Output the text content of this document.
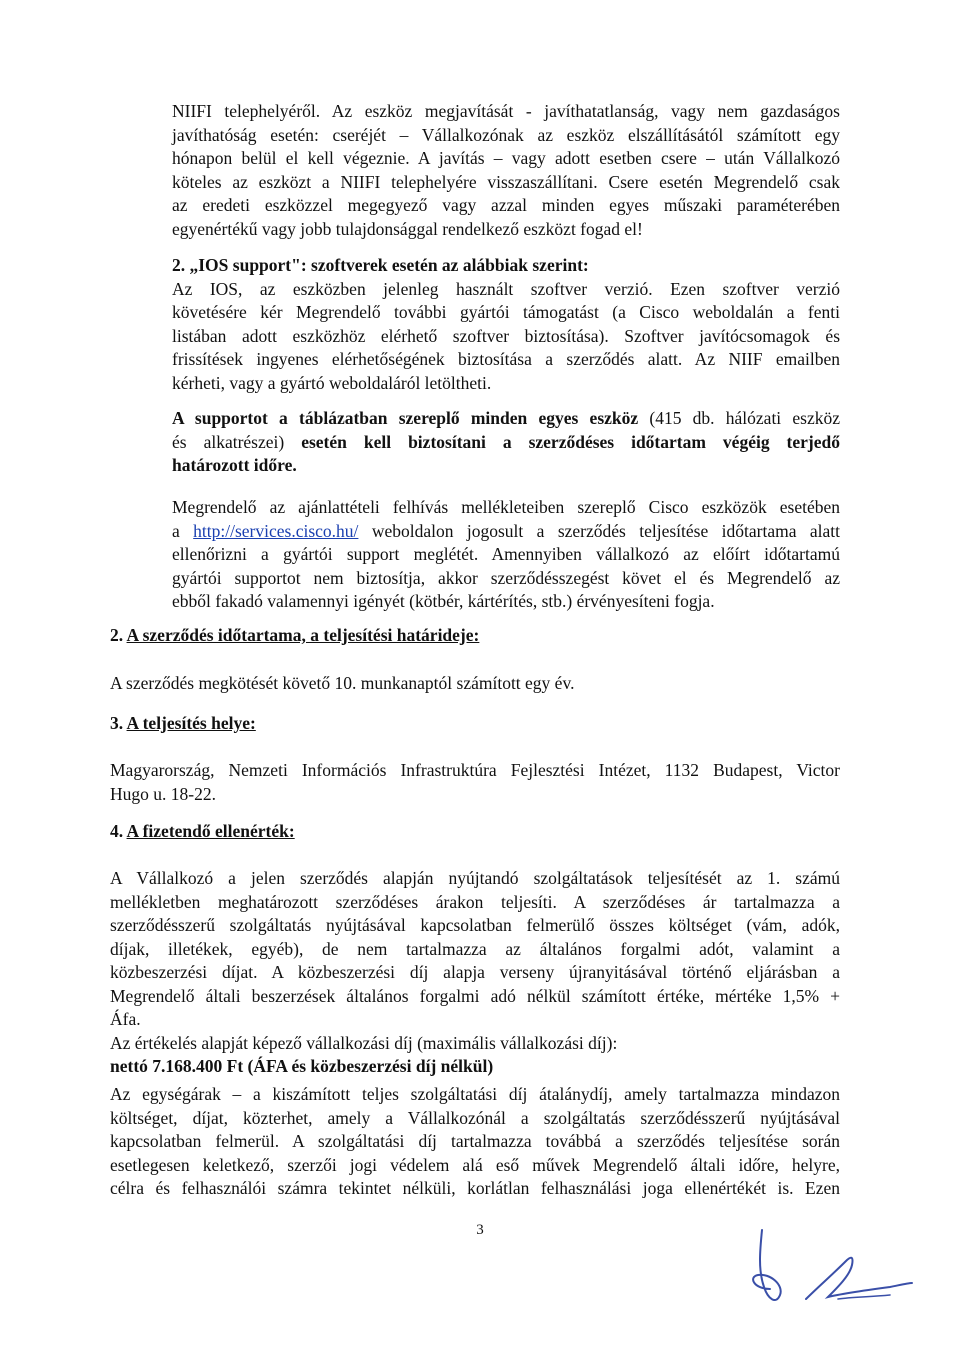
NIIFI telephelyéről. Az eszköz megjavítását - javíthatatlanság, vagy nem gazdaságos
javíthatóság esetén: cseréjét – Vállalkozónak az eszköz elszállításától számított egy
hónapon belül el kell végeznie. A javítás – vagy adott esetben csere – után Vállalkozó
köteles az eszközt a NIIFI telephelyére visszaszállítani. Csere esetén Megrendelő csak
az eredeti eszközzel megegyező vagy azzal minden egyes műszaki paraméterében
egyenértékű vagy jobb tulajdonsággal rendelkező eszközt fogad el!
2. „IOS support": szoftverek esetén az alábbiak szerint:
Az IOS, az eszközben jelenleg használt szoftver verzió. Ezen szoftver verzió
követésére kér Megrendelő további gyártói támogatást (a Cisco weboldalán a fenti
listában adott eszközhöz elérhető szoftver biztosítása). Szoftver javítócsomagok és
frissítések ingyenes elérhetőségének biztosítása a szerződés alatt. Az NIIF emailben
kérheti, vagy a gyártó weboldaláról letöltheti.
A supportot a táblázatban szereplő minden egyes eszköz (415 db. hálózati eszköz
és alkatrészei) esetén kell biztosítani a szerződéses időtartam végéig terjedő
határozott időre.
Megrendelő az ajánlattételi felhívás mellékleteiben szereplő Cisco eszközök esetében
a http://services.cisco.hu/ weboldalon jogosult a szerződés teljesítése időtartama alatt
ellenőrizni a gyártói support meglétét. Amennyiben vállalkozó az előírt időtartamú
gyártói supportot nem biztosítja, akkor szerződésszegést követ el és Megrendelő az
ebből fakadó valamennyi igényét (kötbér, kártérítés, stb.) érvényesíteni fogja.
2. A szerződés időtartama, a teljesítési határideje:
A szerződés megkötését követő 10. munkanaptól számított egy év.
3. A teljesítés helye:
Magyarország, Nemzeti Információs Infrastruktúra Fejlesztési Intézet, 1132 Budapest, Victor
Hugo u. 18-22.
4. A fizetendő ellenérték:
A Vállalkozó a jelen szerződés alapján nyújtandó szolgáltatások teljesítését az 1. számú
mellékletben meghatározott szerződéses árakon teljesíti. A szerződéses ár tartalmazza a
szerződésszerű szolgáltatás nyújtásával kapcsolatban felmerülő összes költséget (vám, adók,
díjak, illetékek, egyéb), de nem tartalmazza az általános forgalmi adót, valamint a
közbeszerzési díjat. A közbeszerzési díj alapja verseny újranyitásával történő eljárásban a
Megrendelő általi beszerzések általános forgalmi adó nélkül számított értéke, mértéke 1,5% +
Áfa.
Az értékelés alapját képező vállalkozási díj (maximális vállalkozási díj):
nettó 7.168.400 Ft (ÁFA és közbeszerzési díj nélkül)
Az egységárak – a kiszámított teljes szolgáltatási díj átalánydíj, amely tartalmazza mindazon
költséget, díjat, közterhet, amely a Vállalkozónál a szolgáltatás szerződésszerű nyújtásával
kapcsolatban felmerül. A szolgáltatási díj tartalmazza továbbá a szerződés teljesítése során
esetlegesen keletkező, szerzői jogi védelem alá eső művek Megrendelő általi időre, helyre,
célra és felhasználói számra tekintet nélküli, korlátlan felhasználási joga ellenértékét is. Ezen
3
